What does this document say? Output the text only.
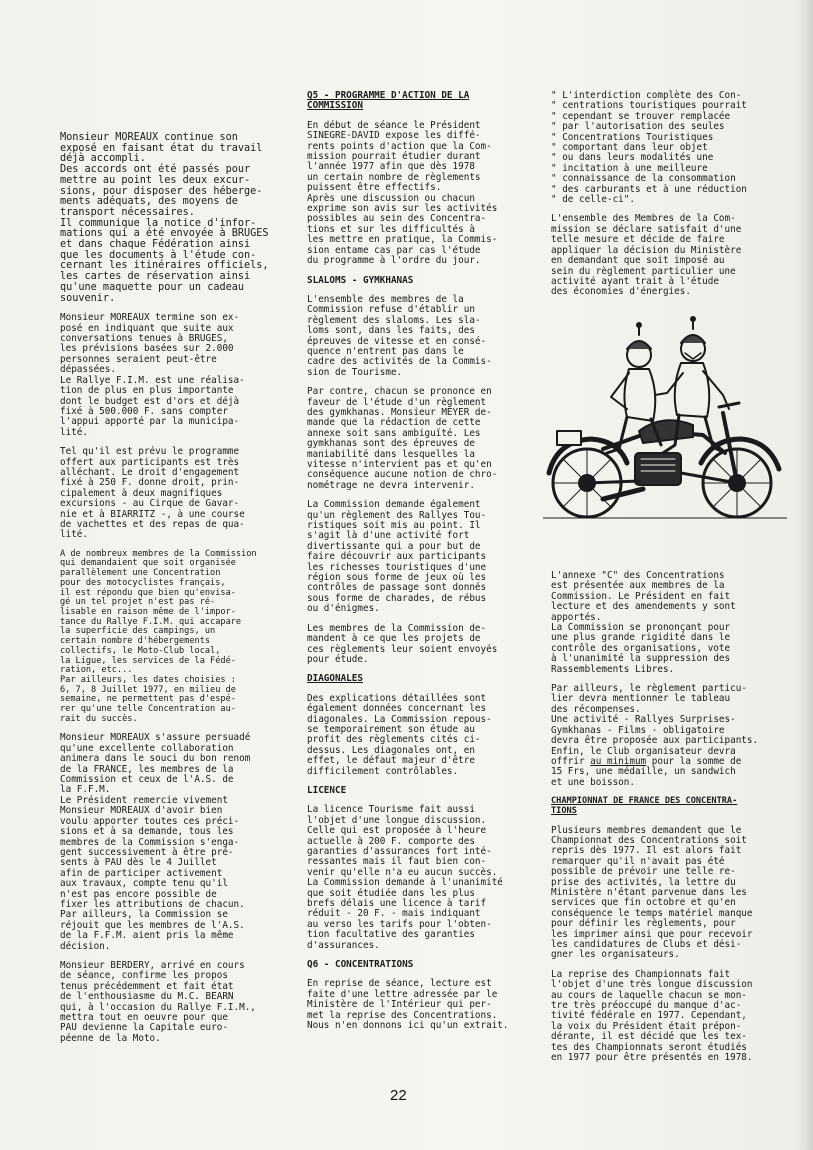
Monsieur MOREAUX continue son
exposé en faisant état du travail
déjà accompli.
Des accords ont été passés pour
mettre au point les deux excur-
sions, pour disposer des héberge-
ments adéquats, des moyens de
transport nécessaires.
Il communique la notice d'infor-
mations qui a été envoyée à BRUGES
et dans chaque Fédération ainsi
que les documents à l'étude con-
cernant les itinéraires officiels,
les cartes de réservation ainsi
qu'une maquette pour un cadeau
souvenir.

Monsieur MOREAUX termine son ex-
posé en indiquant que suite aux
conversations tenues à BRUGES,
les prévisions basées sur 2.000
personnes seraient peut-être
dépassées.
Le Rallye F.I.M. est une réalisa-
tion de plus en plus importante
dont le budget est d'ors et déjà
fixé à 500.000 F. sans compter
l'appui apporté par la municipa-
lité.

Tel qu'il est prévu le programme
offert aux participants est très
alléchant. Le droit d'engagement
fixé à 250 F. donne droit, prin-
cipalement à deux magnifiques
excursions - au Cirque de Gavar-
nie et à BIARRITZ -, à une course
de vachettes et des repas de qua-
lité.

A de nombreux membres de la Commission
qui demandaient que soit organisée
parallèlement une Concentration
pour des motocyclistes français,
il est répondu que bien qu'envisa-
gé un tel projet n'est pas ré-
lisable en raison même de l'impor-
tance du Rallye F.I.M. qui accapare
la superficie des campings, un
certain nombre d'hébergements
collectifs, le Moto-Club local,
la Ligue, les services de la Fédé-
ration, etc...
Par ailleurs, les dates choisies :
6, 7, 8 Juillet 1977, en milieu de
semaine, ne permettent pas d'espé-
rer qu'une telle Concentration au-
rait du succès.

Monsieur MOREAUX s'assure persuadé
qu'une excellente collaboration
animera dans le souci du bon renom
de la FRANCE, les membres de la
Commission et ceux de l'A.S. de
la F.F.M.
Le Président remercie vivement
Monsieur MOREAUX d'avoir bien
voulu apporter toutes ces préci-
sions et à sa demande, tous les
membres de la Commission s'enga-
gent successivement à être pré-
sents à PAU dès le 4 Juillet
afin de participer activement
aux travaux, compte tenu qu'il
n'est pas encore possible de
fixer les attributions de chacun.
Par ailleurs, la Commission se
réjouit que les membres de l'A.S.
de la F.F.M. aient pris la même
décision.

Monsieur BERDERY, arrivé en cours
de séance, confirme les propos
tenus précédemment et fait état
de l'enthousiasme du M.C. BEARN
qui, à l'occasion du Rallye F.I.M.,
mettra tout en oeuvre pour que
PAU devienne la Capitale euro-
péenne de la Moto.

Q5 - PROGRAMME D'ACTION DE LA
COMMISSION

En début de séance le Président
SINEGRE-DAVID expose les diffé-
rents points d'action que la Com-
mission pourrait étudier durant
l'année 1977 afin que dès 1978
un certain nombre de règlements
puissent être effectifs.
Après une discussion ou chacun
exprime son avis sur les activités
possibles au sein des Concentra-
tions et sur les difficultés à
les mettre en pratique, la Commis-
sion entame cas par cas l'étude
du programme à l'ordre du jour.

SLALOMS - GYMKHANAS

L'ensemble des membres de la
Commission refuse d'établir un
règlement des slaloms. Les sla-
loms sont, dans les faits, des
épreuves de vitesse et en consé-
quence n'entrent pas dans le
cadre des activités de la Commis-
sion de Tourisme.

Par contre, chacun se prononce en
faveur de l'étude d'un règlement
des gymkhanas. Monsieur MEYER de-
mande que la rédaction de cette
annexe soit sans ambiguïté. Les
gymkhanas sont des épreuves de
maniabilité dans lesquelles la
vitesse n'intervient pas et qu'en
conséquence aucune notion de chro-
nométrage ne devra intervenir.

La Commission demande également
qu'un règlement des Rallyes Tou-
ristiques soit mis au point. Il
s'agit là d'une activité fort
divertissante qui a pour but de
faire découvrir aux participants
les richesses touristiques d'une
région sous forme de jeux où les
contrôles de passage sont donnés
sous forme de charades, de rébus
ou d'énigmes.

Les membres de la Commission de-
mandent à ce que les projets de
ces règlements leur soient envoyés
pour étude.

DIAGONALES

Des explications détaillées sont
également données concernant les
diagonales. La Commission repous-
se temporairement son étude au
profit des règlements cités ci-
dessus. Les diagonales ont, en
effet, le défaut majeur d'être
difficilement contrôlables.

LICENCE

La licence Tourisme fait aussi
l'objet d'une longue discussion.
Celle qui est proposée à l'heure
actuelle à 200 F. comporte des
garanties d'assurances fort inté-
ressantes mais il faut bien con-
venir qu'elle n'a eu aucun succès.
La Commission demande à l'unanimité
que soit étudiée dans les plus
brefs délais une licence à tarif
réduit - 20 F. - mais indiquant
au verso les tarifs pour l'obten-
tion facultative des garanties
d'assurances.

Q6 - CONCENTRATIONS

En reprise de séance, lecture est
faite d'une lettre adressée par le
Ministère de l'Intérieur qui per-
met la reprise des Concentrations.
Nous n'en donnons ici qu'un extrait.

" L'interdiction complète des Con-
" centrations touristiques pourrait
" cependant se trouver remplacée
" par l'autorisation des seules
" Concentrations Touristiques
" comportant dans leur objet
" ou dans leurs modalités une
" incitation à une meilleure
" connaissance de la consommation
" des carburants et à une réduction
" de celle-ci".

L'ensemble des Membres de la Com-
mission se déclare satisfait d'une
telle mesure et décide de faire
appliquer la décision du Ministère
en demandant que soit imposé au
sein du règlement particulier une
activité ayant trait à l'étude
des économies d'énergies.

L'annexe "C" des Concentrations
est présentée aux membres de la
Commission. Le Président en fait
lecture et des amendements y sont
apportés.
La Commission se prononçant pour
une plus grande rigidité dans le
contrôle des organisations, vote
à l'unanimité la suppression des
Rassemblements Libres.

Par ailleurs, le règlement particu-
lier devra mentionner le tableau
des récompenses.
Une activité - Rallyes Surprises-
Gymkhanas - Films - obligatoire
devra être proposée aux participants.
Enfin, le Club organisateur devra
offrir au minimum pour la somme de
15 Frs, une médaille, un sandwich
et une boisson.

CHAMPIONNAT DE FRANCE DES CONCENTRA-
TIONS

Plusieurs membres demandent que le
Championnat des Concentrations soit
repris dès 1977. Il est alors fait
remarquer qu'il n'avait pas été
possible de prévoir une telle re-
prise des activités, la lettre du
Ministère n'étant parvenue dans les
services que fin octobre et qu'en
conséquence le temps matériel manque
pour définir les règlements, pour
les imprimer ainsi que pour recevoir
les candidatures de Clubs et dési-
gner les organisateurs.

La reprise des Championnats fait
l'objet d'une très longue discussion
au cours de laquelle chacun se mon-
tre très préoccupé du manque d'ac-
tivité fédérale en 1977. Cependant,
la voix du Président était prépon-
dérante, il est décidé que les tex-
tes des Championnats seront étudiés
en 1977 pour être présentés en 1978.

22
